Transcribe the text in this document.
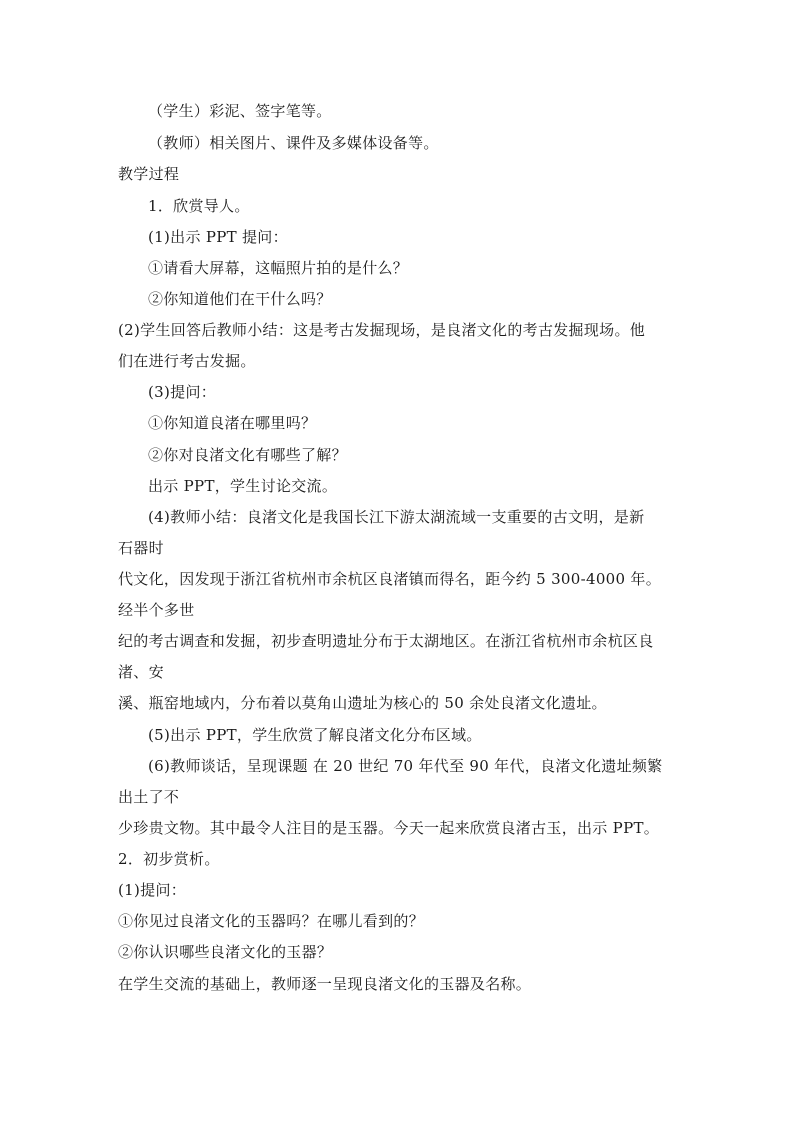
（学生）彩泥、签字笔等。
（教师）相关图片、课件及多媒体设备等。
教学过程
1．欣赏导人。
(1)出示 PPT 提问：
①请看大屏幕，这幅照片拍的是什么？
②你知道他们在干什么吗？
(2)学生回答后教师小结：这是考古发掘现场，是良渚文化的考古发掘现场。他
们在进行考古发掘。
(3)提问：
①你知道良渚在哪里吗？
②你对良渚文化有哪些了解？
出示 PPT，学生讨论交流。
(4)教师小结：良渚文化是我国长江下游太湖流域一支重要的古文明，是新
石器时
代文化，因发现于浙江省杭州市余杭区良渚镇而得名，距今约 5 300-4000 年。
经半个多世
纪的考古调查和发掘，初步查明遗址分布于太湖地区。在浙江省杭州市余杭区良
渚、安
溪、瓶窑地域内，分布着以莫角山遗址为核心的 50 余处良渚文化遗址。
(5)出示 PPT，学生欣赏了解良渚文化分布区域。
(6)教师谈话，呈现课题 在 20 世纪 70 年代至 90 年代，良渚文化遗址频繁
出土了不
少珍贵文物。其中最令人注目的是玉器。今天一起来欣赏良渚古玉，出示 PPT。
2．初步赏析。
(1)提问：
①你见过良渚文化的玉器吗？在哪儿看到的？
②你认识哪些良渚文化的玉器？
在学生交流的基础上，教师逐一呈现良渚文化的玉器及名称。
